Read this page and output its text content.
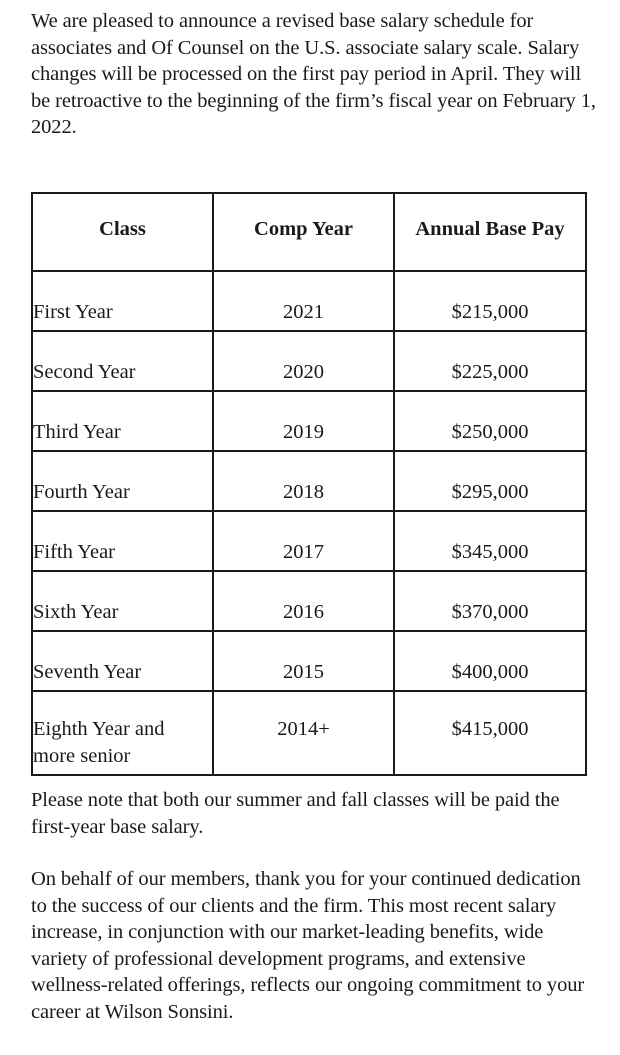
We are pleased to announce a revised base salary schedule for associates and Of Counsel on the U.S. associate salary scale. Salary changes will be processed on the first pay period in April. They will be retroactive to the beginning of the firm’s fiscal year on February 1, 2022.

Class	Comp Year	Annual Base Pay
First Year	2021	$215,000
Second Year	2020	$225,000
Third Year	2019	$250,000
Fourth Year	2018	$295,000
Fifth Year	2017	$345,000
Sixth Year	2016	$370,000
Seventh Year	2015	$400,000
Eighth Year and more senior	2014+	$415,000

Please note that both our summer and fall classes will be paid the first-year base salary.

On behalf of our members, thank you for your continued dedication to the success of our clients and the firm. This most recent salary increase, in conjunction with our market-leading benefits, wide variety of professional development programs, and extensive wellness-related offerings, reflects our ongoing commitment to your career at Wilson Sonsini.
